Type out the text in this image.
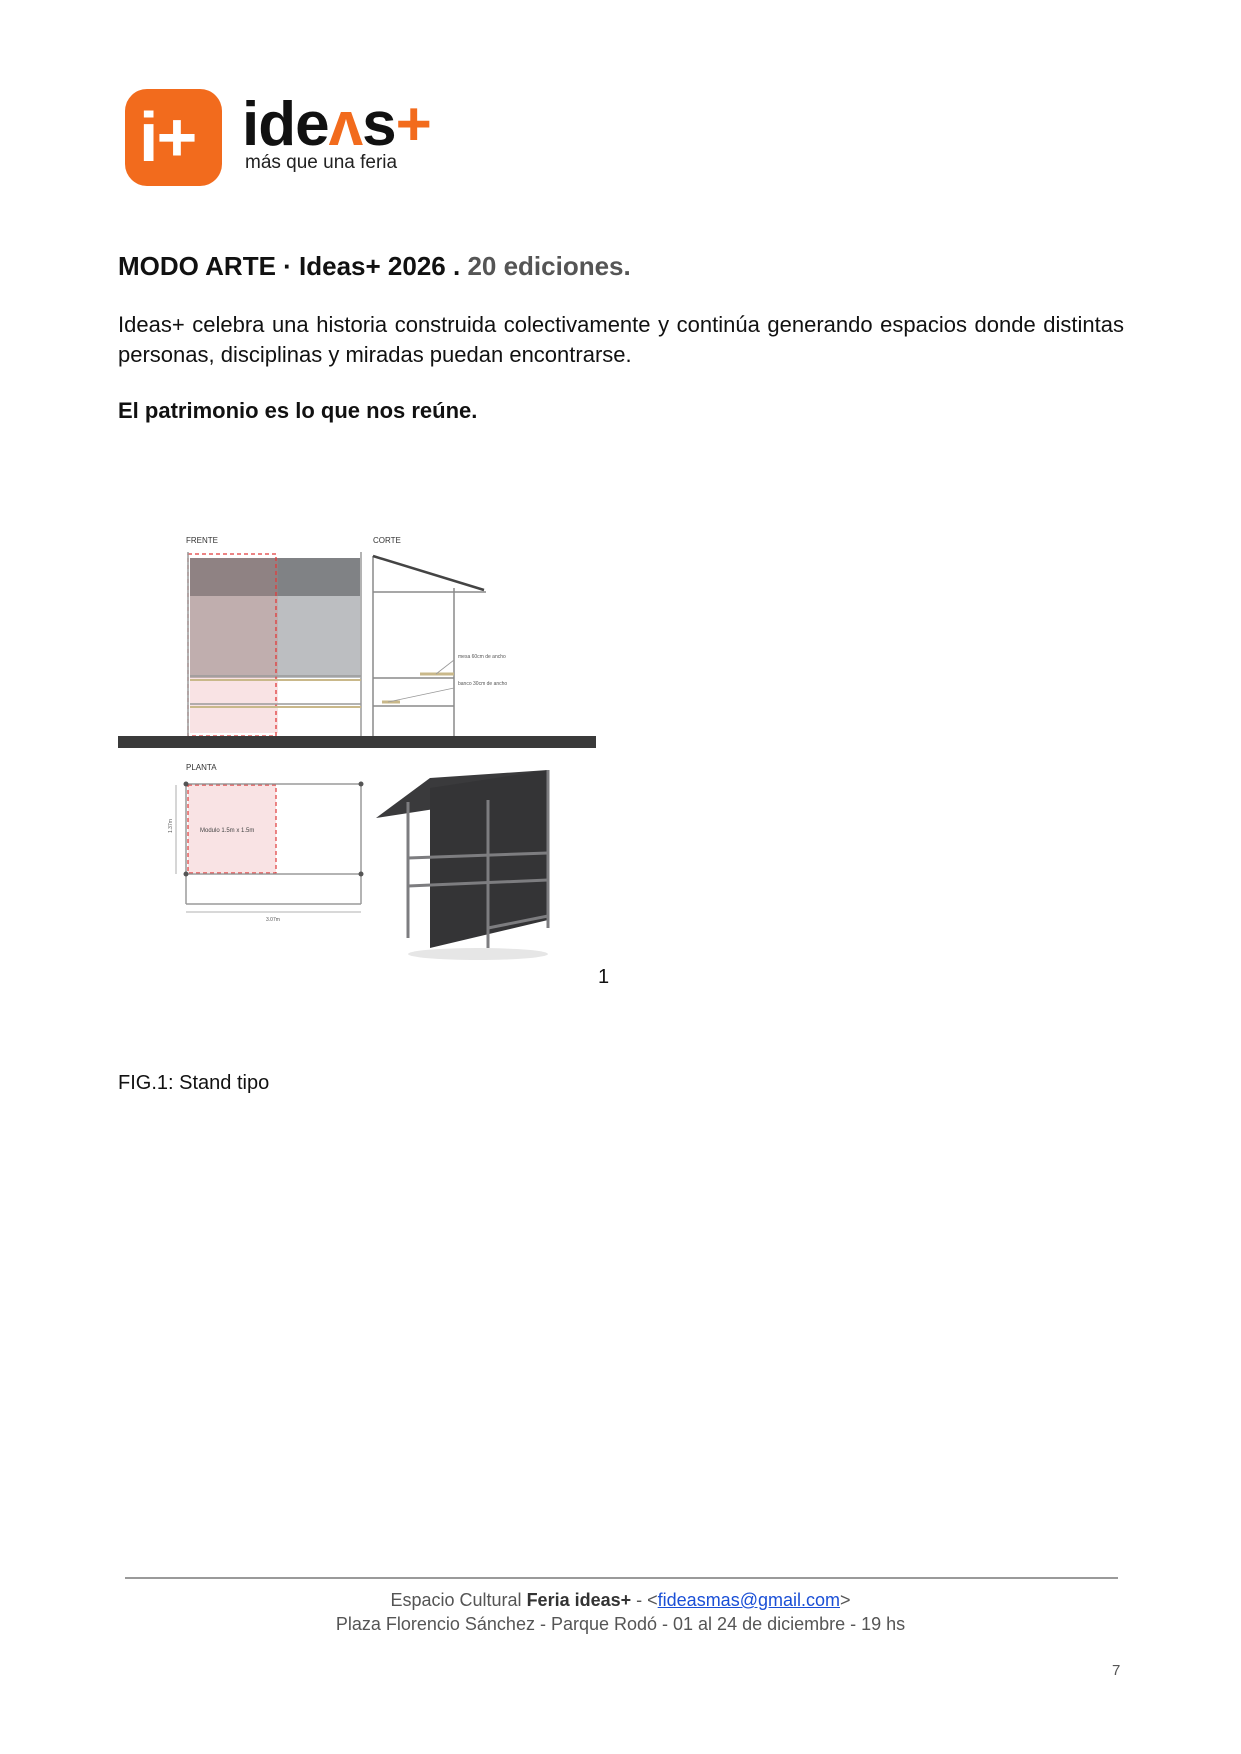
i+ ideʌs+
más que una feria
MODO ARTE · Ideas+ 2026 . 20 ediciones.
Ideas+ celebra una historia construida colectivamente y continúa generando espacios donde distintas personas, disciplinas y miradas puedan encontrarse.
El patrimonio es lo que nos reúne.
FRENTE	CORTE
mesa 60cm de ancho
banco 30cm de ancho
PLANTA
Modulo 1.5m x 1.5m
1.37m
3.07m
1
FIG.1: Stand tipo
Espacio Cultural Feria ideas+ - <fideasmas@gmail.com>
Plaza Florencio Sánchez - Parque Rodó - 01 al 24 de diciembre - 19 hs
7
